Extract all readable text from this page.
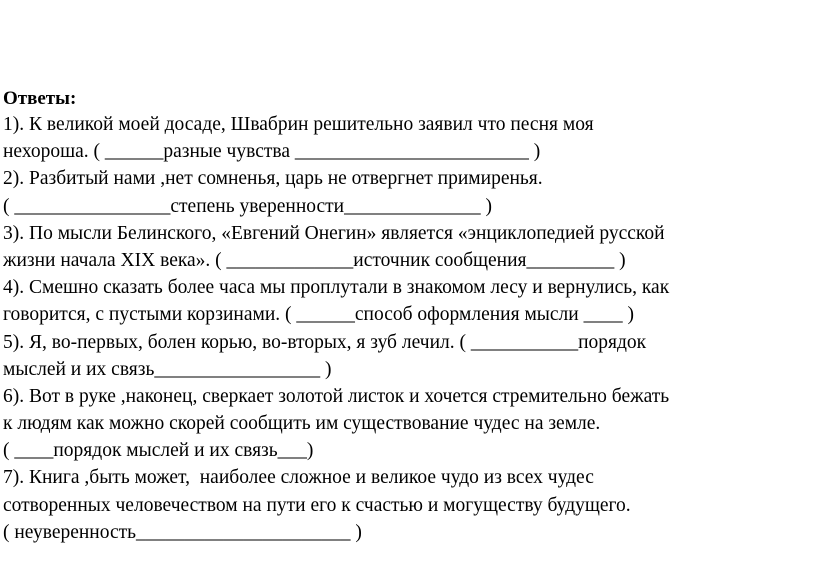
Ответы:
1). К великой моей досаде, Швабрин решительно заявил что песня моя
нехороша. ( ______разные чувства ________________________ )
2). Разбитый нами ,нет сомненья, царь не отвергнет примиренья.
( ________________степень уверенности______________ )
3). По мысли Белинского, «Евгений Онегин» является «энциклопедией русской
жизни начала XIX века». ( _____________источник сообщения_________ )
4). Смешно сказать более часа мы проплутали в знакомом лесу и вернулись, как
говорится, с пустыми корзинами. ( ______способ оформления мысли ____ )
5). Я, во-первых, болен корью, во-вторых, я зуб лечил. ( ___________порядок
мыслей и их связь_________________ )
6). Вот в руке ,наконец, сверкает золотой листок и хочется стремительно бежать
к людям как можно скорей сообщить им существование чудес на земле.
( ____порядок мыслей и их связь___)
7). Книга ,быть может,  наиболее сложное и великое чудо из всех чудес
сотворенных человечеством на пути его к счастью и могуществу будущего.
( неуверенность______________________ )
